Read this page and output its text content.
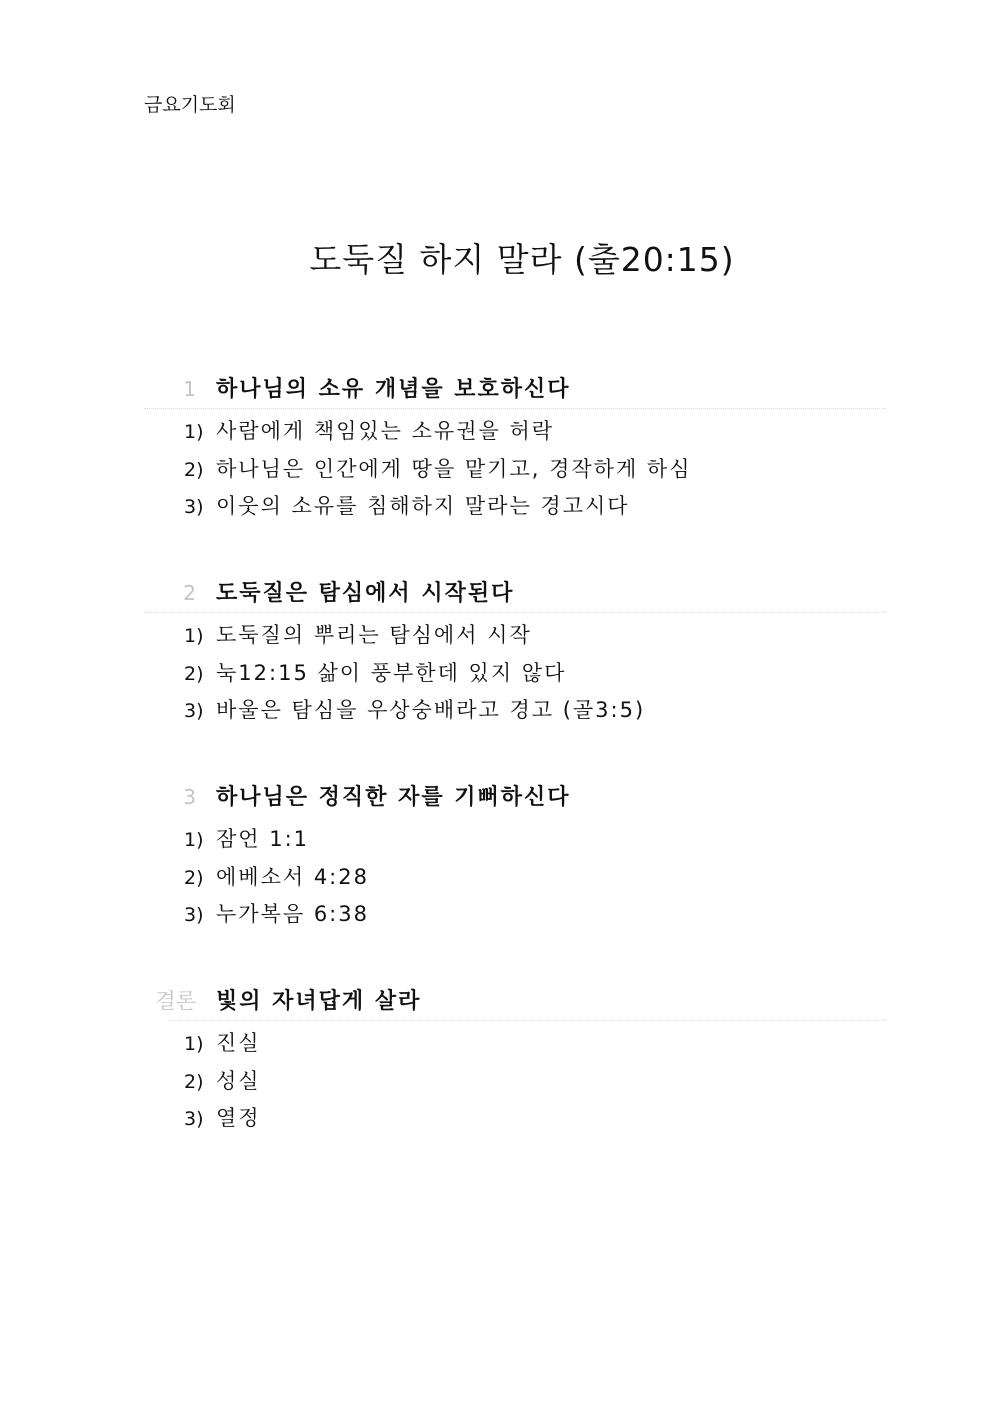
금요기도회
도둑질 하지 말라 (출20:15)
1 하나님의 소유 개념을 보호하신다
1) 사람에게 책임있는 소유권을 허락
2) 하나님은 인간에게 땅을 맡기고, 경작하게 하심
3) 이웃의 소유를 침해하지 말라는 경고시다
2 도둑질은 탐심에서 시작된다
1) 도둑질의 뿌리는 탐심에서 시작
2) 눅12:15 삶이 풍부한데 있지 않다
3) 바울은 탐심을 우상숭배라고 경고 (골3:5)
3 하나님은 정직한 자를 기뻐하신다
1) 잠언 1:1
2) 에베소서 4:28
3) 누가복음 6:38
결론 빛의 자녀답게 살라
1) 진실
2) 성실
3) 열정
